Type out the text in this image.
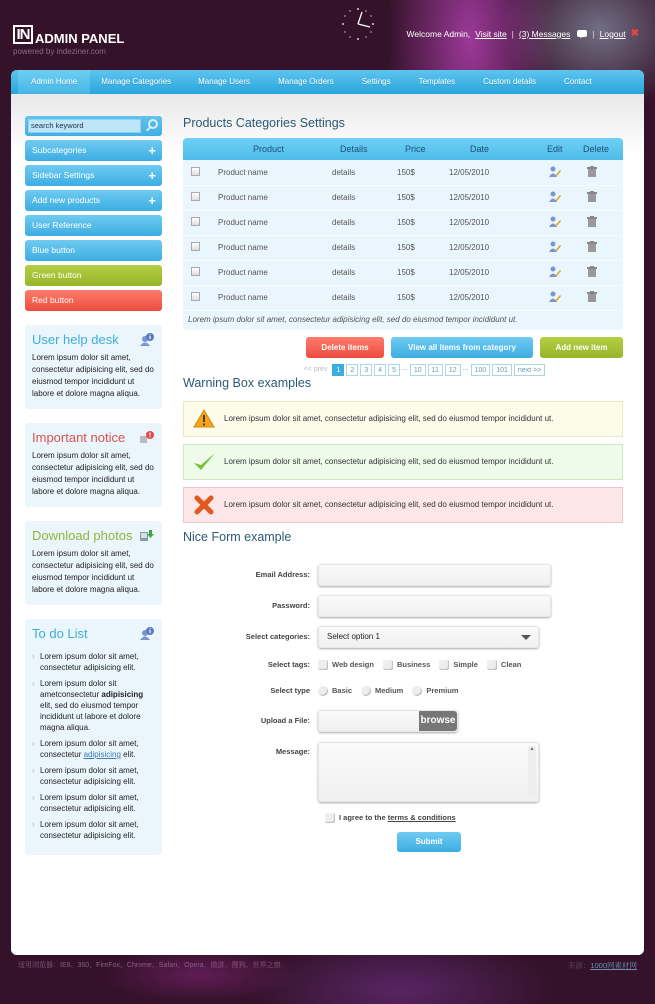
IN ADMIN PANEL
powered by indeziner.com
Welcome Admin, Visit site | (3) Messages	| Logout ✖
Admin Home	Manage Categories	Manage Users	Manage Orders	Settings	Templates	Custom details	Contact
search keyword
Subcategories	+
Sidebar Settings	+
Add new products	+
User Reference
Blue button
Green button
Red button
User help desk

Lorem ipsum dolor sit amet, consectetur adipisicing elit, sed do eiusmod tempor incididunt ut labore et dolore magna aliqua.

Important notice

Lorem ipsum dolor sit amet, consectetur adipisicing elit, sed do eiusmod tempor incididunt ut labore et dolore magna aliqua.

Download photos

Lorem ipsum dolor sit amet, consectetur adipisicing elit, sed do eiusmod tempor incididunt ut labore et dolore magna aliqua.

To do List
› Lorem ipsum dolor sit amet, consectetur adipisicing elit.
› Lorem ipsum dolor sit ametconsectetur adipisicing elit, sed do eiusmod tempor incididunt ut labore et dolore magna aliqua.
› Lorem ipsum dolor sit amet, consectetur adipisicing elit.
› Lorem ipsum dolor sit amet, consectetur adipisicing elit.
› Lorem ipsum dolor sit amet, consectetur adipisicing elit.
› Lorem ipsum dolor sit amet, consectetur adipisicing elit.
Products Categories Settings
	Product	Details	Price	Date	Edit	Delete
	Product name	details	150$	12/05/2010		
	Product name	details	150$	12/05/2010		
	Product name	details	150$	12/05/2010		
	Product name	details	150$	12/05/2010		
	Product name	details	150$	12/05/2010		
	Product name	details	150$	12/05/2010		
Lorem ipsum dolor sit amet, consectetur adipisicing elit, sed do eiusmod tempor incididunt ut.
Delete items	View all items from category	Add new item
<< prev	1	2	3	4	5 ... 10	11	12 ... 100	101	next >>
Warning Box examples
Lorem ipsum dolor sit amet, consectetur adipisicing elit, sed do eiusmod tempor incididunt ut.
Lorem ipsum dolor sit amet, consectetur adipisicing elit, sed do eiusmod tempor incididunt ut.
Lorem ipsum dolor sit amet, consectetur adipisicing elit, sed do eiusmod tempor incididunt ut.
Nice Form example
Email Address:
Password:
Select categories:	Select option 1
Select tags:	Web design	Business	Simple	Clean
Select type	Basic	Medium	Premium
Upload a File:	browse
Message:	▲
I agree to the terms & conditions
Submit
适用浏览器：IE8、360、FireFox、Chrome、Safari、Opera、傲游、搜狗、世界之窗.	来源：1000网素材网
